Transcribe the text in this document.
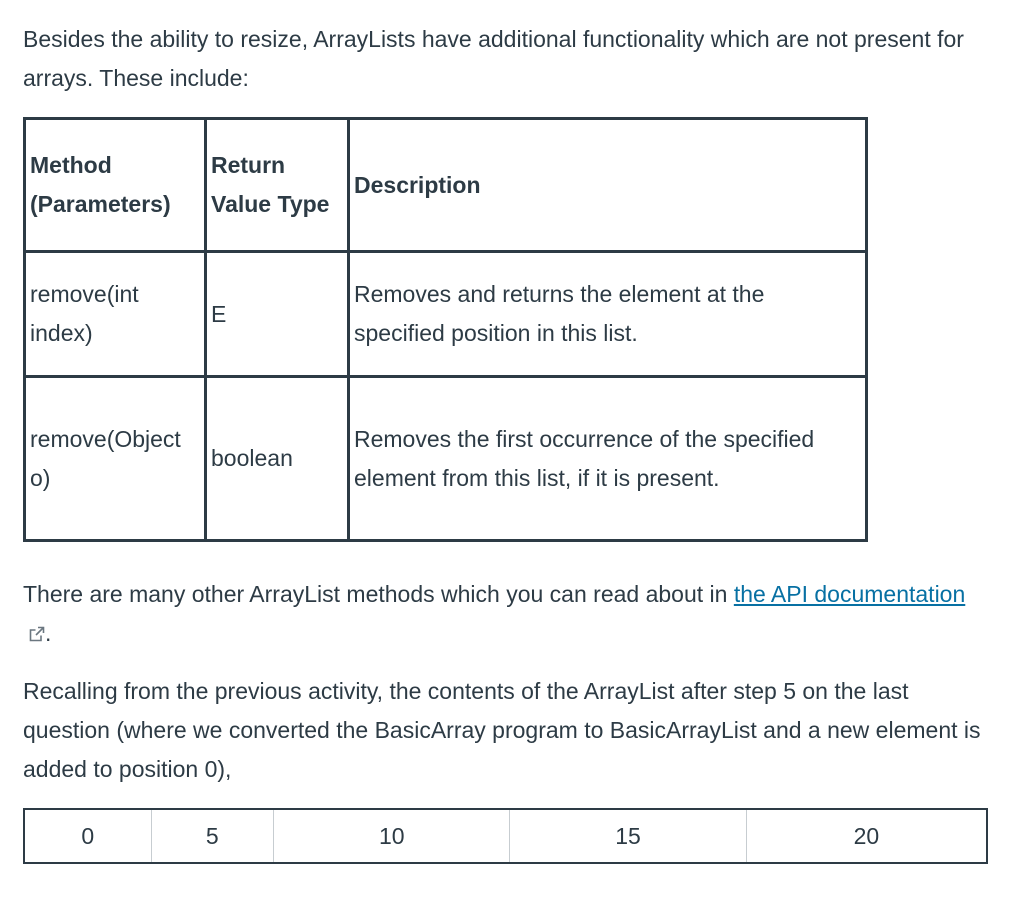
Besides the ability to resize, ArrayLists have additional functionality which are not present for arrays. These include:

Method (Parameters)	Return Value Type	Description
remove(int index)	E	Removes and returns the element at the specified position in this list.
remove(Object o)	boolean	Removes the first occurrence of the specified element from this list, if it is present.

There are many other ArrayList methods which you can read about in the API documentation.

Recalling from the previous activity, the contents of the ArrayList after step 5 on the last question (where we converted the BasicArray program to BasicArrayList and a new element is added to position 0),

0	5	10	15	20
